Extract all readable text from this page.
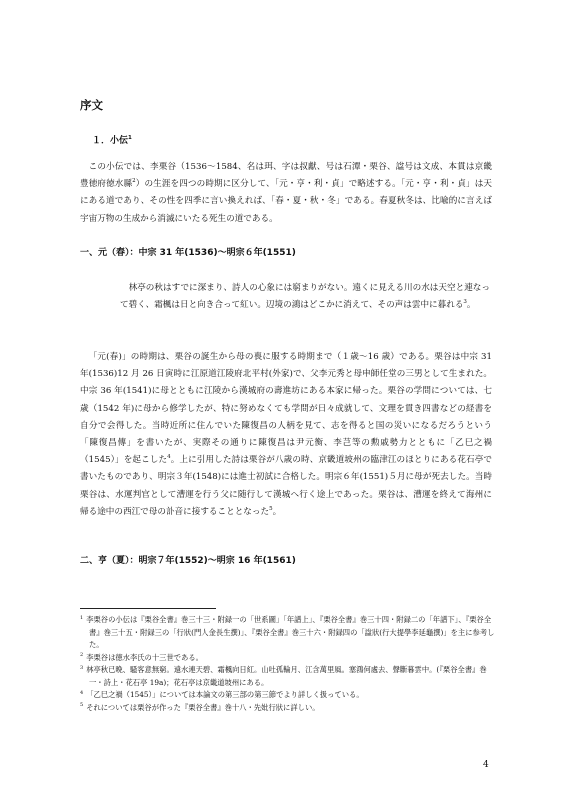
序文
１．小伝$^1$

この小伝では、李栗谷（1536～1584、名は珥、字は叔獻、号は石潭・栗谷、諡号は文成、本貫は京畿豊徳府徳水縣$^2$）の生涯を四つの時期に区分して、「元・亨・利・貞」で略述する。「元・亨・利・貞」は天にある道であり、その性を四季に言い換えれば、「春・夏・秋・冬」である。春夏秋冬は、比喩的に言えば宇宙万物の生成から消滅にいたる死生の道である。

一、元（春）：中宗 31 年(1536)～明宗６年(1551)

林亭の秋はすでに深まり、詩人の心象には窮まりがない。遠くに見える川の水は天空と連なって碧く、霜楓は日と向き合って紅い。辺境の鴻はどこかに消えて、その声は雲中に暮れる$^3$。

「元(春)」の時期は、栗谷の誕生から母の喪に服する時期まで（１歳～16 歳）である。栗谷は中宗 31 年(1536)12 月 26 日寅時に江原道江陵府北平村(外家)で、父李元秀と母申師任堂の三男として生まれた。中宗 36 年(1541)に母とともに江陵から漢城府の壽進坊にある本家に帰った。栗谷の学問については、七歳（1542 年)に母から修学したが、特に努めなくても学問が日々成就して、文理を貫き四書などの経書を自分で会得した。当時近所に住んでいた陳復昌の人柄を見て、志を得ると国の災いになるだろうという「陳復昌傳」を書いたが、実際その通りに陳復昌は尹元衡、李芑等の勲戚勢力とともに「乙巳之禍（1545）」を起こした$^4$。上に引用した詩は栗谷が八歳の時、京畿道坡州の臨津江のほとりにある花石亭で書いたものであり、明宗３年(1548)には進士初試に合格した。明宗６年(1551)５月に母が死去した。当時栗谷は、水運判官として漕運を行う父に随行して漢城へ行く途上であった。栗谷は、漕運を終えて海州に帰る途中の西江で母の訃音に接することとなった$^5$。

二、亨（夏）：明宗７年(1552)～明宗 16 年(1561)

$^1$ 李栗谷の小伝は『栗谷全書』巻三十三・附録一の「世系圖」「年譜上」、『栗谷全書』巻三十四・附録二の「年譜下」、『栗谷全書』巻三十五・附録三の「行狀(門人金長生撰)」、『栗谷全書』巻三十六・附録四の「諡狀(行大提學李延龜撰)」を主に参考した。

$^2$ 李栗谷は徳水李氏の十三世である。

$^3$ 林亭秋已晩、騷客意無窮。遠水連天碧、霜楓向日紅。山吐孤輪月、江含萬里風。塞鴻何處去、聲斷暮雲中。(『栗谷全書』巻一・詩上・花石亭 19a)；花石亭は京畿道坡州にある。

$^4$ 「乙巳之禍（1545）」については本論文の第三部の第三節でより詳しく扱っている。

$^5$ それについては栗谷が作った『栗谷全書』巻十八・先妣行狀に詳しい。

4
